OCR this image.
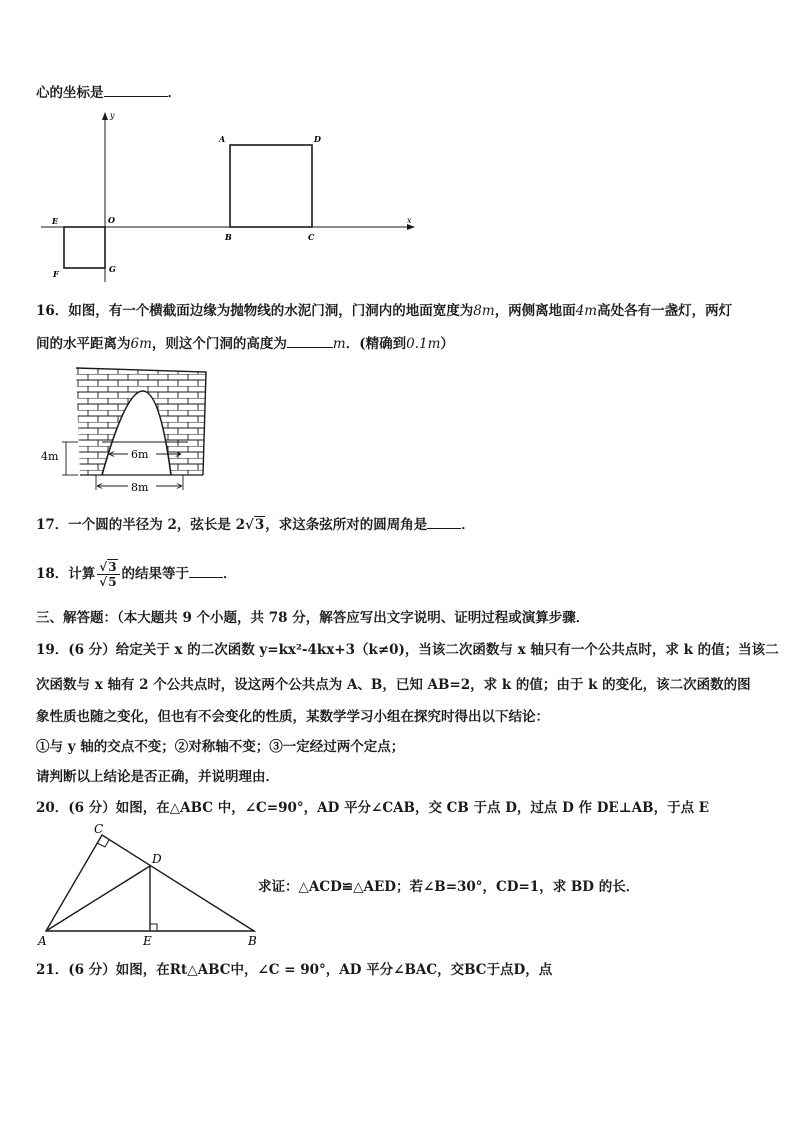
心的坐标是	．
y
x
O
A	D
B	C
E
F	G
16．如图，有一个横截面边缘为抛物线的水泥门洞，门洞内的地面宽度为8m，两侧离地面4m高处各有一盏灯，两灯
间的水平距离为6m，则这个门洞的高度为	m．(精确到0.1m）
4m	6m
8m
17．一个圆的半径为 2，弦长是 2√3，求这条弦所对的圆周角是	．
18．计算 $\frac{√3}{√5}$ 的结果等于	．
三、解答题：（本大题共 9 个小题，共 78 分，解答应写出文字说明、证明过程或演算步骤．
19．(6 分）给定关于 x 的二次函数 y=kx²-4kx+3（k≠0)，当该二次函数与 x 轴只有一个公共点时，求 k 的值；当该二
次函数与 x 轴有 2 个公共点时，设这两个公共点为 A、B，已知 AB=2，求 k 的值；由于 k 的变化，该二次函数的图
象性质也随之变化，但也有不会变化的性质，某数学学习小组在探究时得出以下结论：
①与 y 轴的交点不变；②对称轴不变；③一定经过两个定点；
请判断以上结论是否正确，并说明理由．
20．(6 分）如图，在△ABC 中，∠C=90°，AD 平分∠CAB，交 CB 于点 D，过点 D 作 DE⊥AB，于点 E
A	B
C
D
E
求证：△ACD≌△AED；若∠B=30°，CD=1，求 BD 的长．
21．(6 分）如图，在Rt△ABC中，∠C = 90°，AD 平分∠BAC，交BC于点D，点
